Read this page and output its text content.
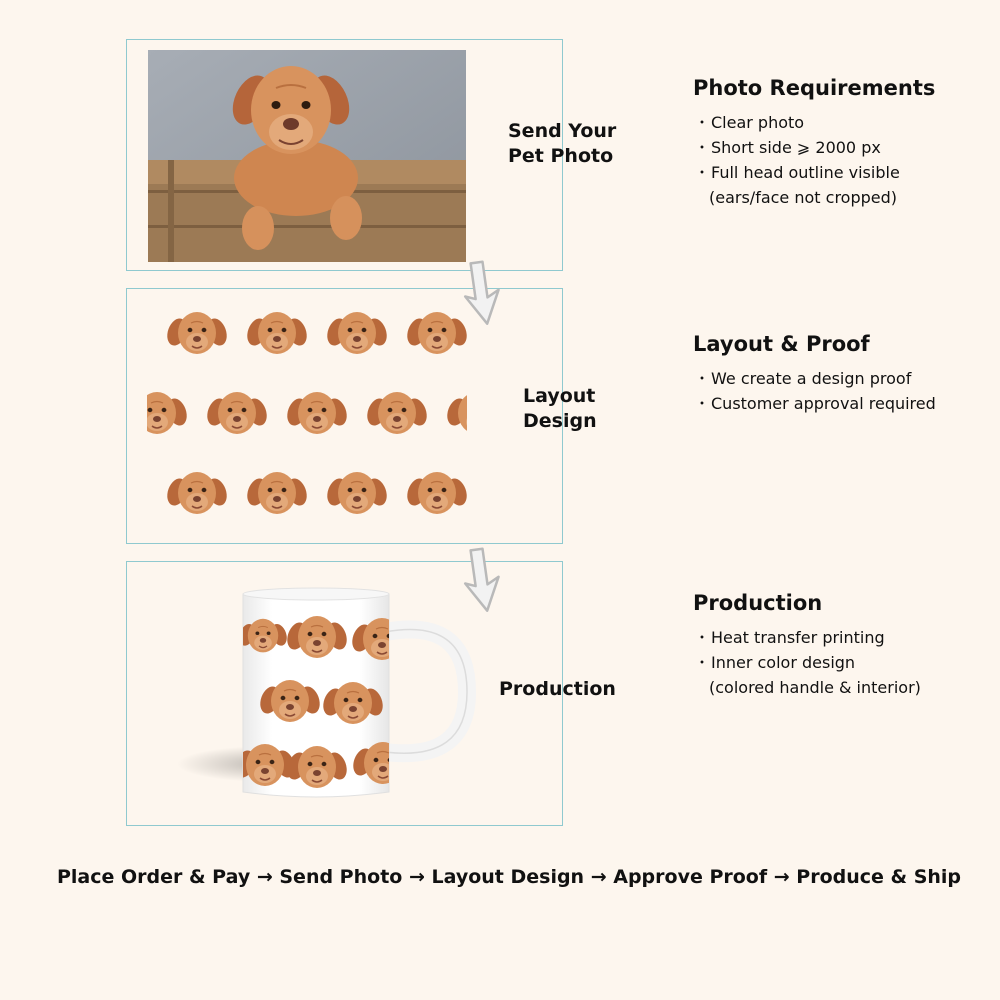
Send Your Pet Photo
Layout Design
Production
Photo Requirements
・Clear photo
・Short side ⩾ 2000 px
・Full head outline visible
(ears/face not cropped)
Layout & Proof
・We create a design proof
・Customer approval required
Production
・Heat transfer printing
・Inner color design
(colored handle & interior)
Place Order & Pay → Send Photo → Layout Design → Approve Proof → Produce & Ship
